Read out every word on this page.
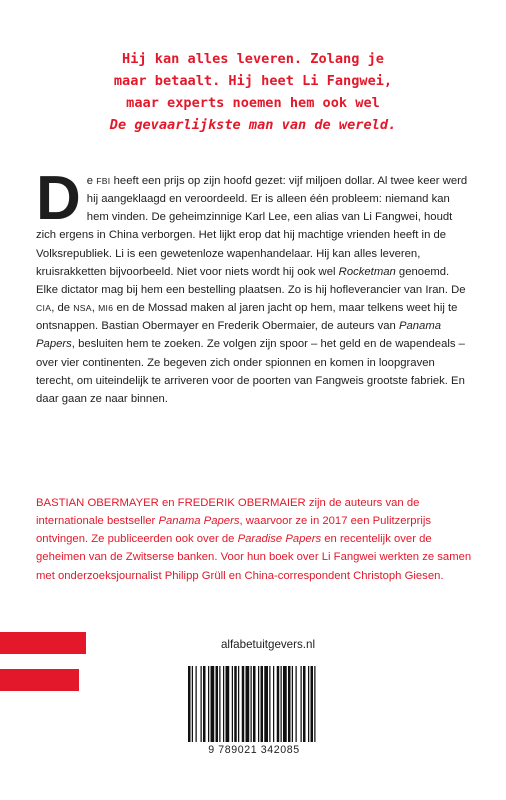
Hij kan alles leveren. Zolang je
maar betaalt. Hij heet Li Fangwei,
maar experts noemen hem ook wel
De gevaarlijkste man van de wereld.
De FBI heeft een prijs op zijn hoofd gezet: vijf miljoen dollar. Al twee keer werd hij aangeklaagd en veroordeeld. Er is alleen één probleem: niemand kan hem vinden. De geheimzinnige Karl Lee, een alias van Li Fangwei, houdt zich ergens in China verborgen. Het lijkt erop dat hij machtige vrienden heeft in de Volksrepubliek. Li is een gewetenloze wapenhandelaar. Hij kan alles leveren, kruisrakketten bijvoorbeeld. Niet voor niets wordt hij ook wel Rocketman genoemd. Elke dictator mag bij hem een bestelling plaatsen. Zo is hij hofleverancier van Iran. De CIA, de NSA, MI6 en de Mossad maken al jaren jacht op hem, maar telkens weet hij te ontsnappen. Bastian Obermayer en Frederik Obermaier, de auteurs van Panama Papers, besluiten hem te zoeken. Ze volgen zijn spoor – het geld en de wapendeals – over vier continenten. Ze begeven zich onder spionnen en komen in loopgraven terecht, om uiteindelijk te arriveren voor de poorten van Fangweis grootste fabriek. En daar gaan ze naar binnen.
BASTIAN OBERMAYER en FREDERIK OBERMAIER zijn de auteurs van de internationale bestseller Panama Papers, waarvoor ze in 2017 een Pulitzerprijs ontvingen. Ze publiceerden ook over de Paradise Papers en recentelijk over de geheimen van de Zwitserse banken. Voor hun boek over Li Fangwei werkten ze samen met onderzoeksjournalist Philipp Grüll en China-correspondent Christoph Giesen.
alfabetuitgevers.nl
9 789021 342085
